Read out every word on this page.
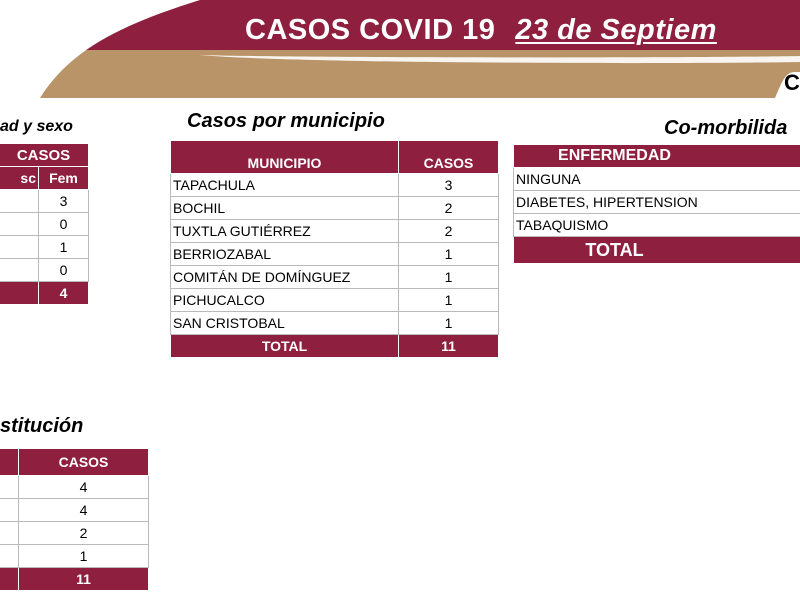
CASOS COVID 19 23 de Septiem
C
ad y sexo
CASOS	
sc	Fem
	3
	0
	1
	0
	4
Casos por municipio
MUNICIPIO	CASOS
TAPACHULA	3
BOCHIL	2
TUXTLA GUTIÉRREZ	2
BERRIOZABAL	1
COMITÁN DE DOMÍNGUEZ	1
PICHUCALCO	1
SAN CRISTOBAL	1
TOTAL	11
Co-morbilida
ENFERMEDAD
NINGUNA
DIABETES, HIPERTENSION
TABAQUISMO
TOTAL
stitución
	CASOS
	4
	4
	2
	1
	11
